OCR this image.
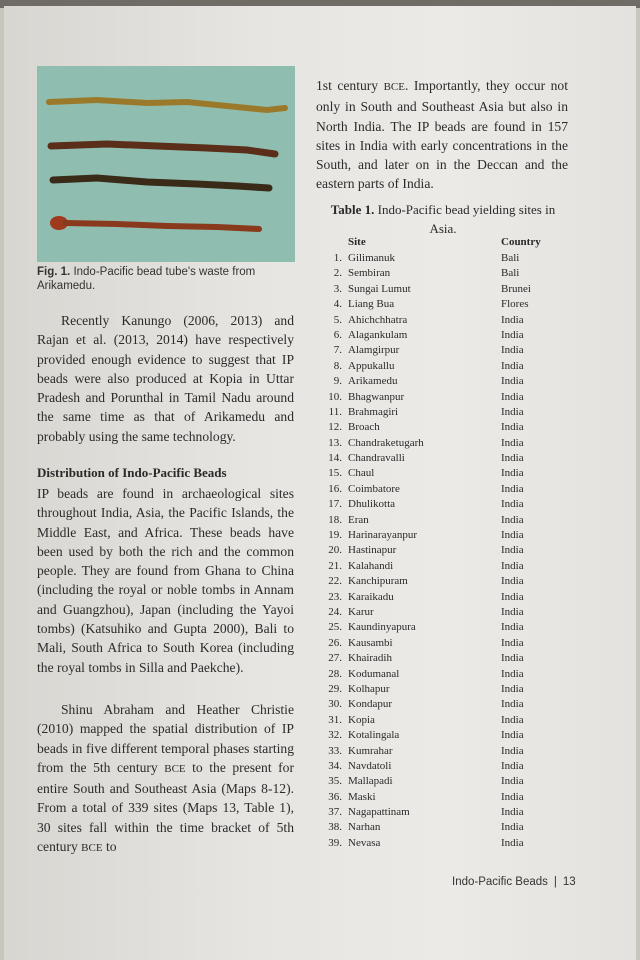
Fig. 1. Indo-Pacific bead tube's waste from Arikamedu.
Recently Kanungo (2006, 2013) and Rajan et al. (2013, 2014) have respectively provided enough evidence to suggest that IP beads were also produced at Kopia in Uttar Pradesh and Porunthal in Tamil Nadu around the same time as that of Arikamedu and probably using the same technology.
Distribution of Indo-Pacific Beads
IP beads are found in archaeological sites throughout India, Asia, the Pacific Islands, the Middle East, and Africa. These beads have been used by both the rich and the common people. They are found from Ghana to China (including the royal or noble tombs in Annam and Guangzhou), Japan (including the Yayoi tombs) (Katsuhiko and Gupta 2000), Bali to Mali, South Africa to South Korea (including the royal tombs in Silla and Paekche).
Shinu Abraham and Heather Christie (2010) mapped the spatial distribution of IP beads in five different temporal phases starting from the 5th century BCE to the present for entire South and Southeast Asia (Maps 8-12). From a total of 339 sites (Maps 13, Table 1), 30 sites fall within the time bracket of 5th century BCE to
1st century BCE. Importantly, they occur not only in South and Southeast Asia but also in North India. The IP beads are found in 157 sites in India with early concentrations in the South, and later on in the Deccan and the eastern parts of India.
Table 1. Indo-Pacific bead yielding sites in Asia.
Site	Country
1. Gilimanuk	Bali
2. Sembiran	Bali
3. Sungai Lumut	Brunei
4. Liang Bua	Flores
5. Ahichchhatra	India
6. Alagankulam	India
7. Alamgirpur	India
8. Appukallu	India
9. Arikamedu	India
10. Bhagwanpur	India
11. Brahmagiri	India
12. Broach	India
13. Chandraketugarh	India
14. Chandravalli	India
15. Chaul	India
16. Coimbatore	India
17. Dhulikotta	India
18. Eran	India
19. Harinarayanpur	India
20. Hastinapur	India
21. Kalahandi	India
22. Kanchipuram	India
23. Karaikadu	India
24. Karur	India
25. Kaundinyapura	India
26. Kausambi	India
27. Khairadih	India
28. Kodumanal	India
29. Kolhapur	India
30. Kondapur	India
31. Kopia	India
32. Kotalingala	India
33. Kumrahar	India
34. Navdatoli	India
35. Mallapadi	India
36. Maski	India
37. Nagapattinam	India
38. Narhan	India
39. Nevasa	India
Indo-Pacific Beads | 13
